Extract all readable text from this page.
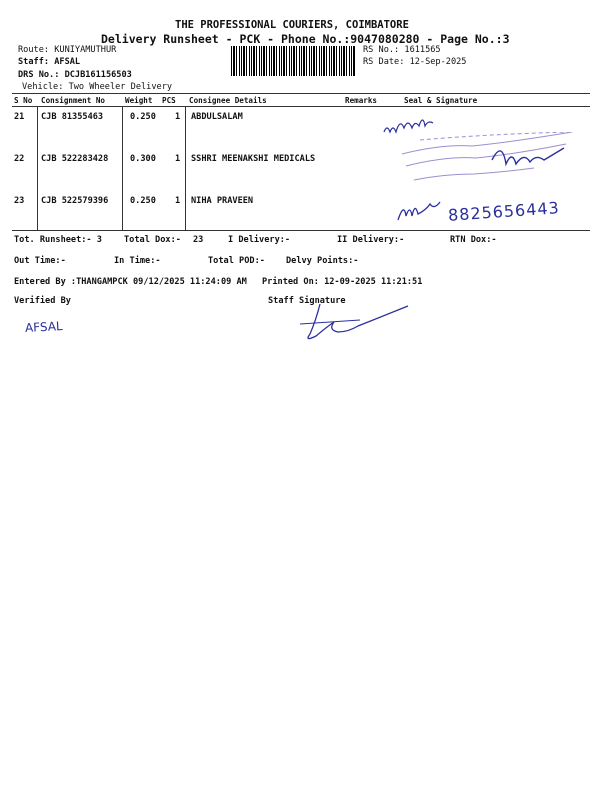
THE PROFESSIONAL COURIERS, COIMBATORE
Delivery Runsheet - PCK - Phone No.:9047080280 - Page No.:3
Route: KUNIYAMUTHUR
Staff: AFSAL
DRS No.: DCJB161156503
Vehicle: Two Wheeler Delivery
RS No.: 1611565
RS Date: 12-Sep-2025
S No Consignment No	Weight PCS Consignee Details	Remarks	Seal & Signature
21 CJB 81355463	0.250 1 ABDULSALAM
22 CJB 522283428	0.300 1 SSHRI MEENAKSHI MEDICALS
23 CJB 522579396	0.250 1 NIHA PRAVEEN	8825656443
Tot. Runsheet:- 3	Total Dox:- 23	I Delivery:-	II Delivery:-	RTN Dox:-
Out Time:-	In Time:-	Total POD:- Delvy Points:-
Entered By :THANGAMPCK 09/12/2025 11:24:09 AM Printed On: 12-09-2025 11:21:51
Verified By	Staff Signature
AFSAL
